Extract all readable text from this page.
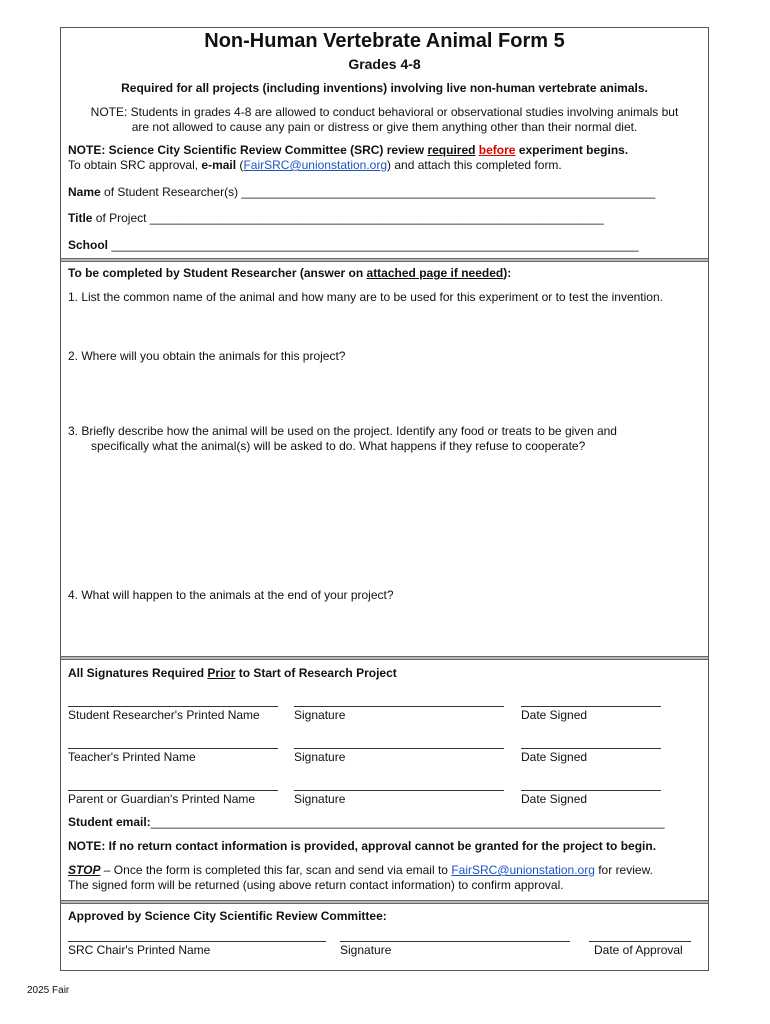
Non-Human Vertebrate Animal Form 5
Grades 4-8
Required for all projects (including inventions) involving live non-human vertebrate animals.
NOTE: Students in grades 4-8 are allowed to conduct behavioral or observational studies involving animals but
are not allowed to cause any pain or distress or give them anything other than their normal diet.
NOTE: Science City Scientific Review Committee (SRC) review required before experiment begins.
To obtain SRC approval, e-mail (FairSRC@unionstation.org) and attach this completed form.
Name of Student Researcher(s) ______________________________________________________________
Title of Project ____________________________________________________________________
School _______________________________________________________________________________
To be completed by Student Researcher (answer on attached page if needed):
1. List the common name of the animal and how many are to be used for this experiment or to test the invention.
2. Where will you obtain the animals for this project?
3. Briefly describe how the animal will be used on the project. Identify any food or treats to be given and
specifically what the animal(s) will be asked to do. What happens if they refuse to cooperate?
4. What will happen to the animals at the end of your project?
All Signatures Required Prior to Start of Research Project
Student Researcher's Printed Name	Signature	Date Signed
Teacher's Printed Name	Signature	Date Signed
Parent or Guardian's Printed Name	Signature	Date Signed
Student email:_____________________________________________________________________________
NOTE: If no return contact information is provided, approval cannot be granted for the project to begin.
STOP – Once the form is completed this far, scan and send via email to FairSRC@unionstation.org for review.
The signed form will be returned (using above return contact information) to confirm approval.
Approved by Science City Scientific Review Committee:
SRC Chair's Printed Name	Signature	Date of Approval
2025 Fair
